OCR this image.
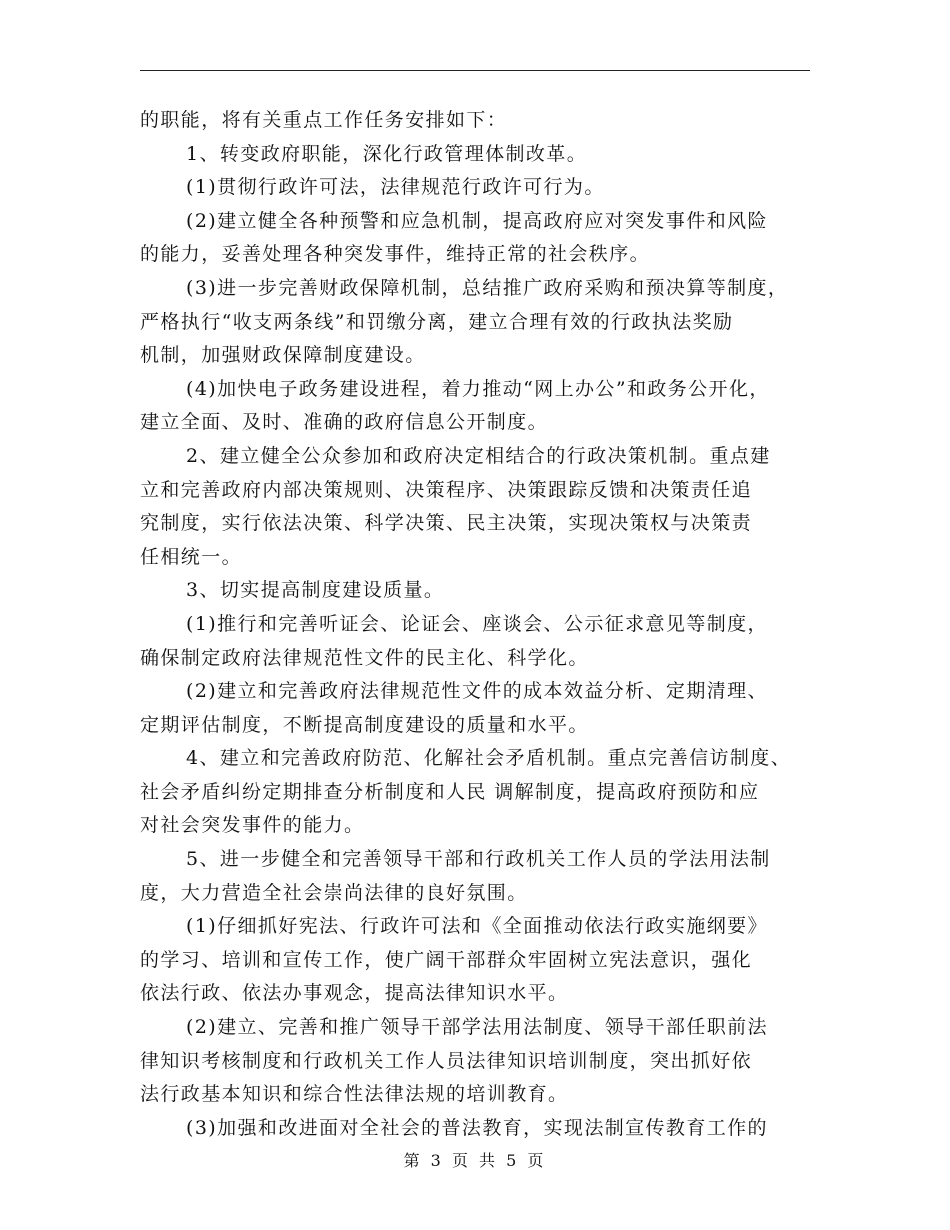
的职能，将有关重点工作任务安排如下：
1、转变政府职能，深化行政管理体制改革。
(1)贯彻行政许可法，法律规范行政许可行为。
(2)建立健全各种预警和应急机制，提高政府应对突发事件和风险
的能力，妥善处理各种突发事件，维持正常的社会秩序。
(3)进一步完善财政保障机制，总结推广政府采购和预决算等制度，
严格执行“收支两条线”和罚缴分离，建立合理有效的行政执法奖励
机制，加强财政保障制度建设。
(4)加快电子政务建设进程，着力推动“网上办公”和政务公开化，
建立全面、及时、准确的政府信息公开制度。
2、建立健全公众参加和政府决定相结合的行政决策机制。重点建
立和完善政府内部决策规则、决策程序、决策跟踪反馈和决策责任追
究制度，实行依法决策、科学决策、民主决策，实现决策权与决策责
任相统一。
3、切实提高制度建设质量。
(1)推行和完善听证会、论证会、座谈会、公示征求意见等制度，
确保制定政府法律规范性文件的民主化、科学化。
(2)建立和完善政府法律规范性文件的成本效益分析、定期清理、
定期评估制度，不断提高制度建设的质量和水平。
4、建立和完善政府防范、化解社会矛盾机制。重点完善信访制度、
社会矛盾纠纷定期排查分析制度和人民 调解制度，提高政府预防和应
对社会突发事件的能力。
5、进一步健全和完善领导干部和行政机关工作人员的学法用法制
度，大力营造全社会崇尚法律的良好氛围。
(1)仔细抓好宪法、行政许可法和《全面推动依法行政实施纲要》
的学习、培训和宣传工作，使广阔干部群众牢固树立宪法意识，强化
依法行政、依法办事观念，提高法律知识水平。
(2)建立、完善和推广领导干部学法用法制度、领导干部任职前法
律知识考核制度和行政机关工作人员法律知识培训制度，突出抓好依
法行政基本知识和综合性法律法规的培训教育。
(3)加强和改进面对全社会的普法教育，实现法制宣传教育工作的
第 3 页 共 5 页
